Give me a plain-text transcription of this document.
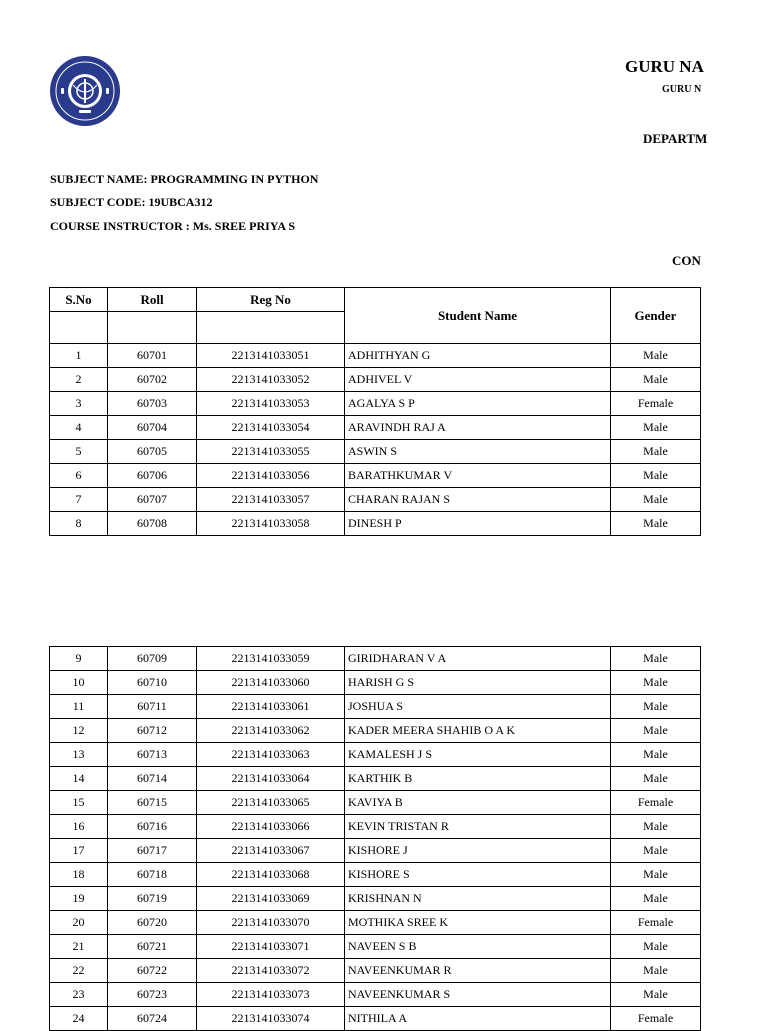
GURU NA
GURU N
DEPARTM
SUBJECT NAME: PROGRAMMING IN PYTHON
SUBJECT CODE: 19UBCA312
COURSE INSTRUCTOR : Ms. SREE PRIYA S
CON
S.No	Roll	Reg No	Student Name	Gender

1	60701	2213141033051	ADHITHYAN G	Male
2	60702	2213141033052	ADHIVEL V	Male
3	60703	2213141033053	AGALYA S P	Female
4	60704	2213141033054	ARAVINDH RAJ A	Male
5	60705	2213141033055	ASWIN S	Male
6	60706	2213141033056	BARATHKUMAR V	Male
7	60707	2213141033057	CHARAN RAJAN S	Male
8	60708	2213141033058	DINESH P	Male
9	60709	2213141033059	GIRIDHARAN V A	Male
10	60710	2213141033060	HARISH G S	Male
11	60711	2213141033061	JOSHUA S	Male
12	60712	2213141033062	KADER MEERA SHAHIB O A K	Male
13	60713	2213141033063	KAMALESH J S	Male
14	60714	2213141033064	KARTHIK B	Male
15	60715	2213141033065	KAVIYA B	Female
16	60716	2213141033066	KEVIN TRISTAN R	Male
17	60717	2213141033067	KISHORE J	Male
18	60718	2213141033068	KISHORE S	Male
19	60719	2213141033069	KRISHNAN N	Male
20	60720	2213141033070	MOTHIKA SREE K	Female
21	60721	2213141033071	NAVEEN S B	Male
22	60722	2213141033072	NAVEENKUMAR R	Male
23	60723	2213141033073	NAVEENKUMAR S	Male
24	60724	2213141033074	NITHILA A	Female
